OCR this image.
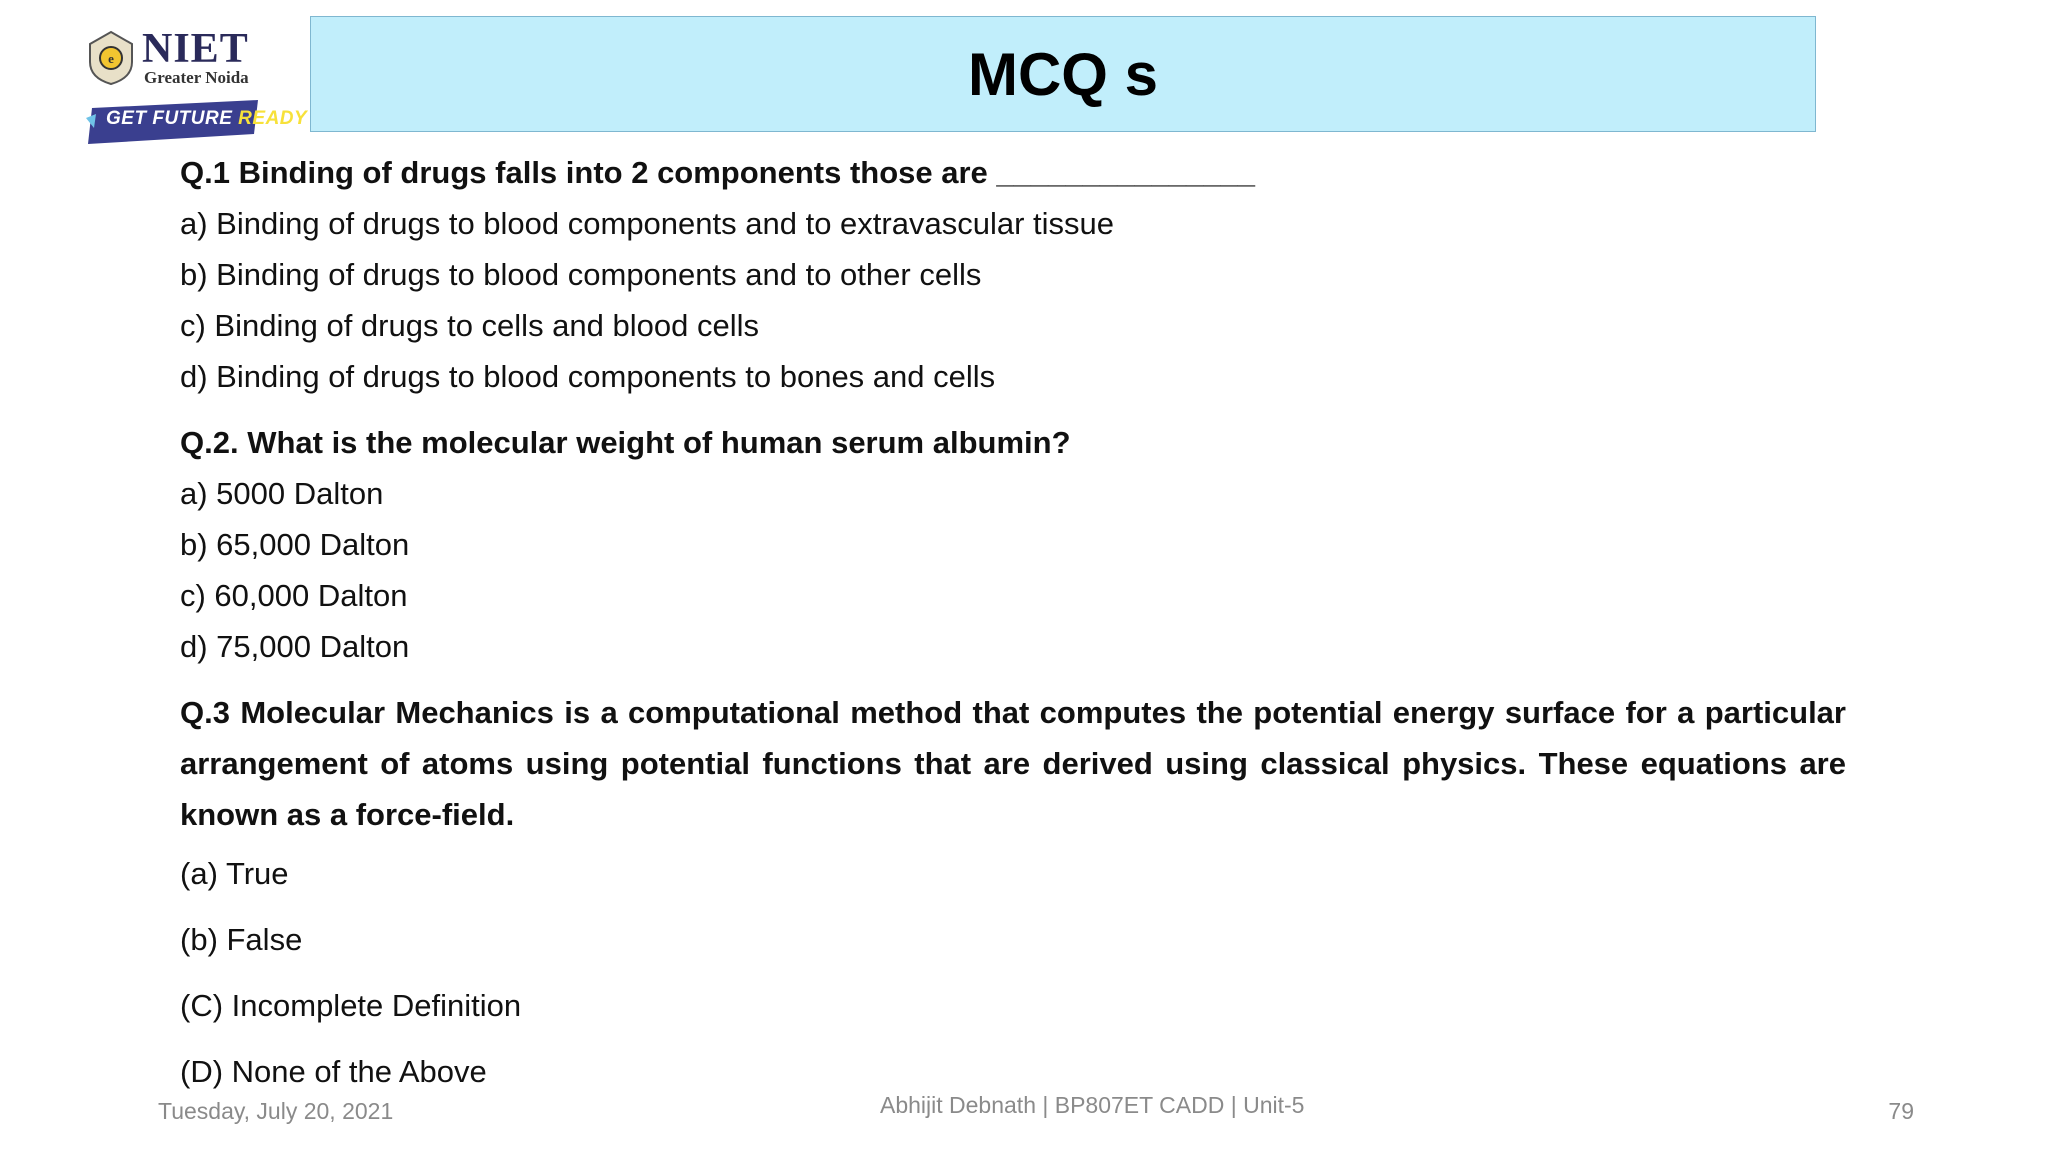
e NIET
Greater Noida
GET FUTURE READY
MCQ s
Q.1 Binding of drugs falls into 2 components those are _______________
a) Binding of drugs to blood components and to extravascular tissue
b) Binding of drugs to blood components and to other cells
c) Binding of drugs to cells and blood cells
d) Binding of drugs to blood components to bones and cells
Q.2. What is the molecular weight of human serum albumin?
a) 5000 Dalton
b) 65,000 Dalton
c) 60,000 Dalton
d) 75,000 Dalton
Q.3 Molecular Mechanics is a computational method that computes the potential energy surface for a particular arrangement of atoms using potential functions that are derived using classical physics. These equations are known as a force-field.
(a) True
(b) False
(C) Incomplete Definition
(D) None of the Above
Tuesday, July 20, 2021	Abhijit Debnath | BP807ET CADD | Unit-5	79
